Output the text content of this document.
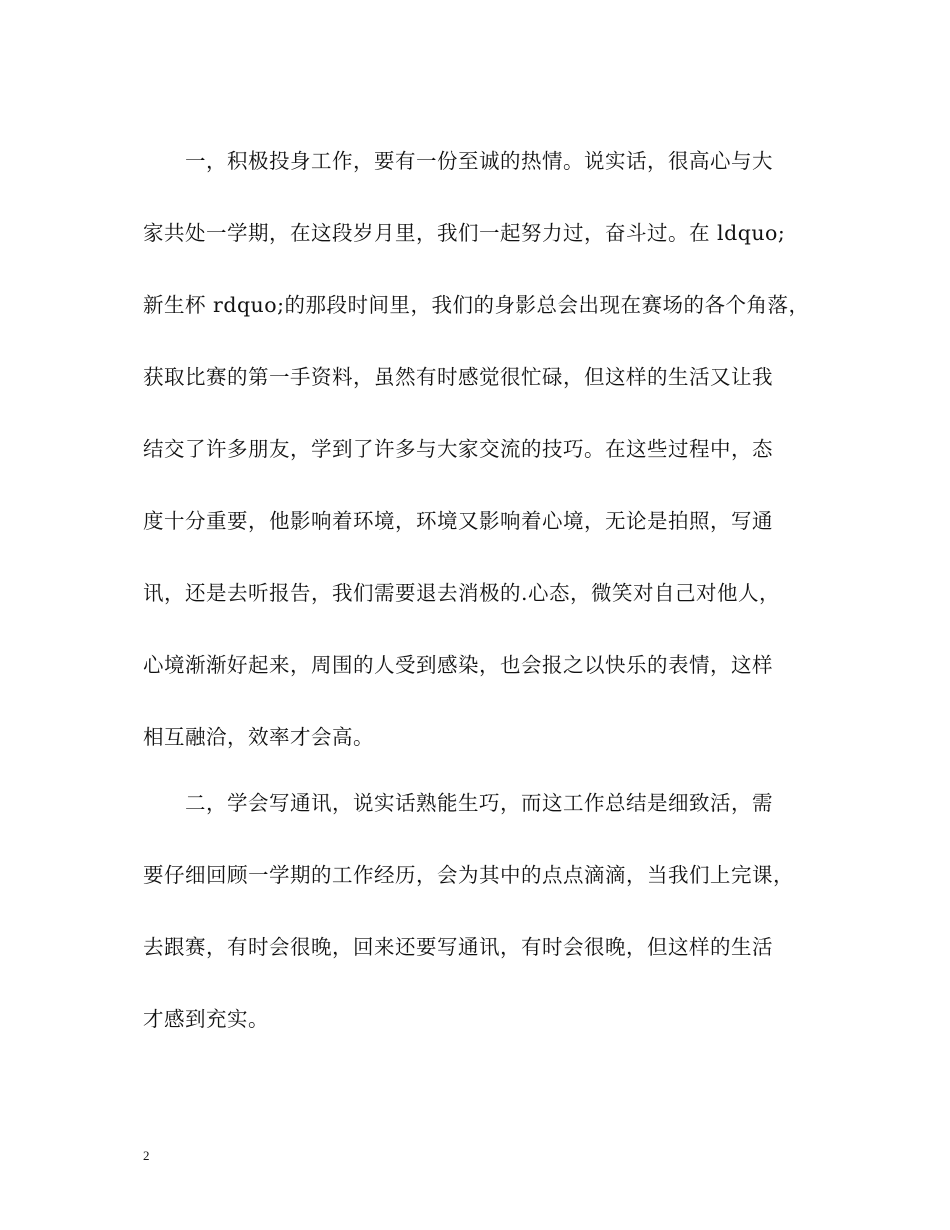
一，积极投身工作，要有一份至诚的热情。说实话，很高心与大
家共处一学期，在这段岁月里，我们一起努力过，奋斗过。在 ldquo;
新生杯 rdquo;的那段时间里，我们的身影总会出现在赛场的各个角落，
获取比赛的第一手资料，虽然有时感觉很忙碌，但这样的生活又让我
结交了许多朋友，学到了许多与大家交流的技巧。在这些过程中，态
度十分重要，他影响着环境，环境又影响着心境，无论是拍照，写通
讯，还是去听报告，我们需要退去消极的.心态，微笑对自己对他人，
心境渐渐好起来，周围的人受到感染，也会报之以快乐的表情，这样
相互融洽，效率才会高。
二，学会写通讯，说实话熟能生巧，而这工作总结是细致活，需
要仔细回顾一学期的工作经历，会为其中的点点滴滴，当我们上完课，
去跟赛，有时会很晚，回来还要写通讯，有时会很晚，但这样的生活
才感到充实。
2
